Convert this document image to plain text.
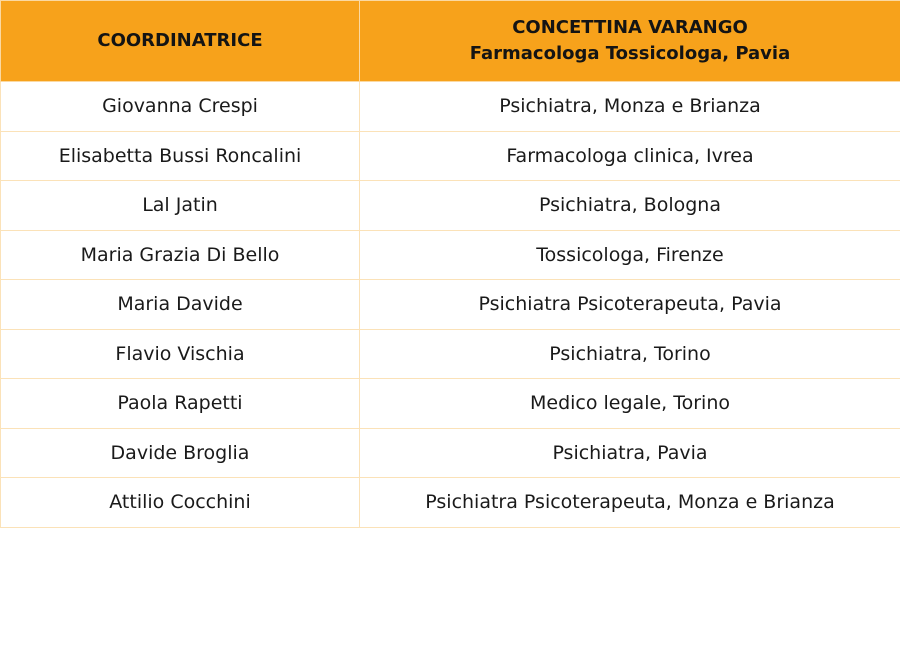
COORDINATRICE	CONCETTINA VARANGO
Farmacologa Tossicologa, Pavia

Giovanna Crespi	Psichiatra, Monza e Brianza
Elisabetta Bussi Roncalini	Farmacologa clinica, Ivrea
Lal Jatin	Psichiatra, Bologna
Maria Grazia Di Bello	Tossicologa, Firenze
Maria Davide	Psichiatra Psicoterapeuta, Pavia
Flavio Vischia	Psichiatra, Torino
Paola Rapetti	Medico legale, Torino
Davide Broglia	Psichiatra, Pavia
Attilio Cocchini	Psichiatra Psicoterapeuta, Monza e Brianza
